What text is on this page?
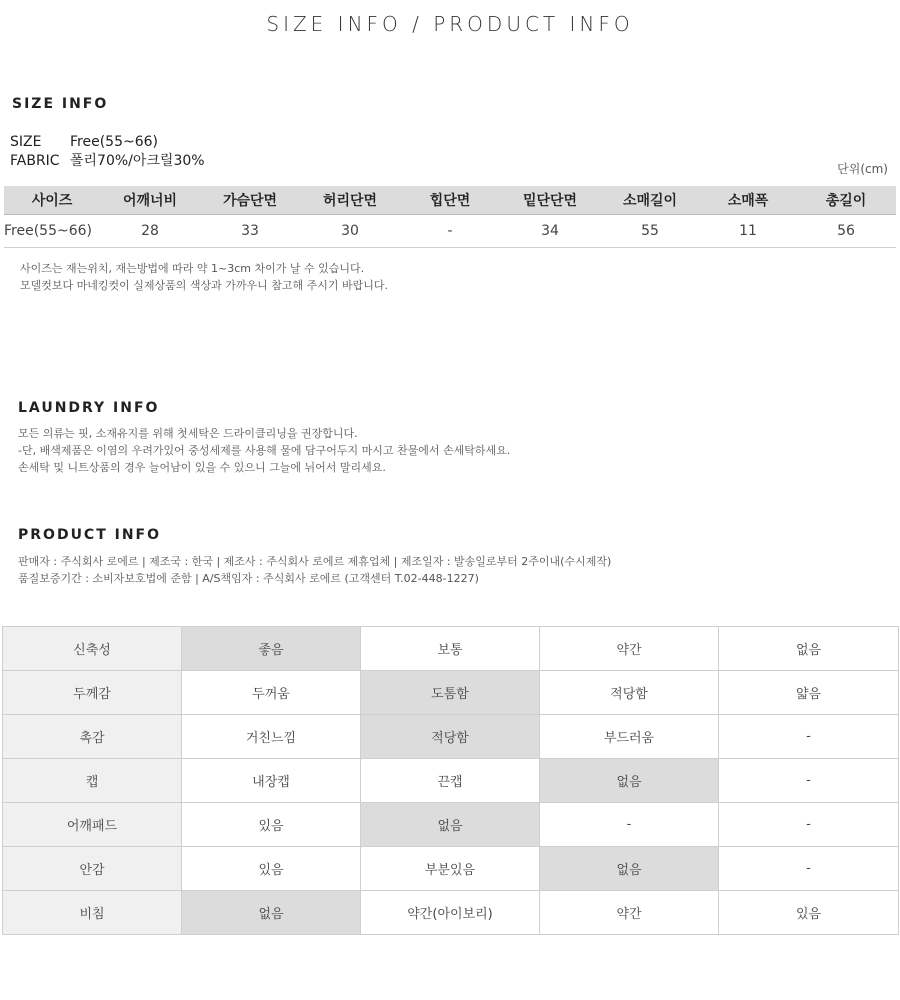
SIZE INFO / PRODUCT INFO
SIZE INFO
SIZE Free(55~66)
FABRIC 폴리70%/아크릴30%	단위(cm)
사이즈	어깨너비	가슴단면	허리단면	힙단면	밑단단면	소매길이	소매폭	총길이
Free(55~66)	28	33	30	-	34	55	11	56
사이즈는 재는위치, 재는방법에 따라 약 1~3cm 차이가 날 수 있습니다.
모델컷보다 마네킹컷이 실제상품의 색상과 가까우니 참고해 주시기 바랍니다.
LAUNDRY INFO
모든 의류는 핏, 소재유지를 위해 첫세탁은 드라이클리닝을 권장합니다.
-단, 배색제품은 이염의 우려가있어 중성세제를 사용해 물에 담구어두지 마시고 찬물에서 손세탁하세요.
손세탁 및 니트상품의 경우 늘어남이 있을 수 있으니 그늘에 뉘어서 말리세요.
PRODUCT INFO
판매자 : 주식회사 로에르 | 제조국 : 한국 | 제조사 : 주식회사 로에르 제휴업체 | 제조일자 : 발송일로부터 2주이내(수시제작)
품질보증기간 : 소비자보호법에 준함 | A/S책임자 : 주식회사 로에르 (고객센터 T.02-448-1227)
신축성	좋음	보통	약간	없음
두께감	두꺼움	도톰함	적당함	얇음
촉감	거친느낌	적당함	부드러움	-
캡	내장캡	끈캡	없음	-
어깨패드	있음	없음	-	-
안감	있음	부분있음	없음	-
비침	없음	약간(아이보리)	약간	있음
